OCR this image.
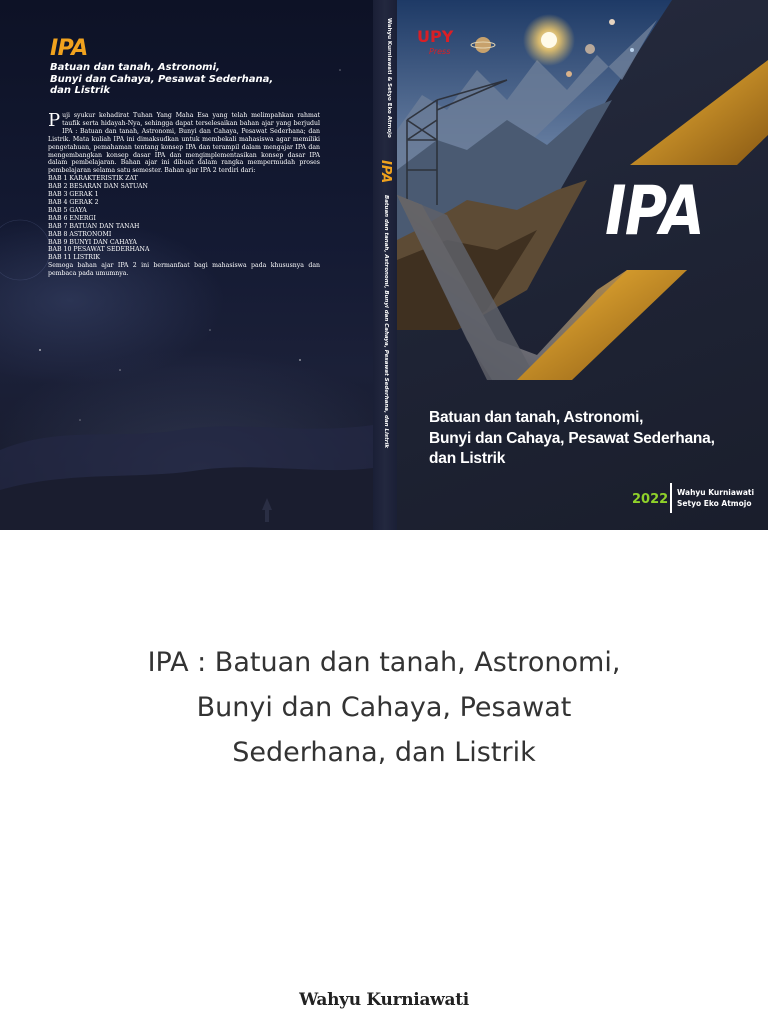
IPA
Batuan dan tanah, Astronomi,
Bunyi dan Cahaya, Pesawat Sederhana,
dan Listrik

Puji syukur kehadirat Tuhan Yang Maha Esa yang telah melimpahkan rahmat taufik serta hidayah-Nya, sehingga dapat terselesaikan bahan ajar yang berjudul IPA : Batuan dan tanah, Astronomi, Bunyi dan Cahaya, Pesawat Sederhana; dan Listrik. Mata kuliah IPA ini dimaksudkan untuk membekali mahasiswa agar memiliki pengetahuan, pemahaman tentang konsep IPA dan terampil dalam mengajar IPA dan mengembangkan konsep dasar IPA dan mengimplementasikan konsep dasar IPA dalam pembelajaran. Bahan ajar ini dibuat dalam rangka mempermudah proses pembelajaran selama satu semester. Bahan ajar IPA 2 terdiri dari:

BAB 1 KARAKTERISTIK ZAT
BAB 2 BESARAN DAN SATUAN
BAB 3 GERAK 1
BAB 4 GERAK 2
BAB 5 GAYA
BAB 6 ENERGI
BAB 7 BATUAN DAN TANAH
BAB 8 ASTRONOMI
BAB 9 BUNYI DAN CAHAYA
BAB 10 PESAWAT SEDERHANA
BAB 11 LISTRIK

Semoga bahan ajar IPA 2 ini bermanfaat bagi mahasiswa pada khususnya dan pembaca pada umumnya.

Wahyu Kurniawati & Setyo Eko Atmojo
IPA
Batuan dan tanah, Astronomi, Bunyi dan Cahaya, Pesawat Sederhana, dan Listrik
UPY
Press
IPA
Batuan dan tanah, Astronomi,
Bunyi dan Cahaya, Pesawat Sederhana,
dan Listrik
2022 Wahyu Kurniawati
Setyo Eko Atmojo
IPA : Batuan dan tanah, Astronomi,
Bunyi dan Cahaya, Pesawat
Sederhana, dan Listrik
Wahyu Kurniawati
